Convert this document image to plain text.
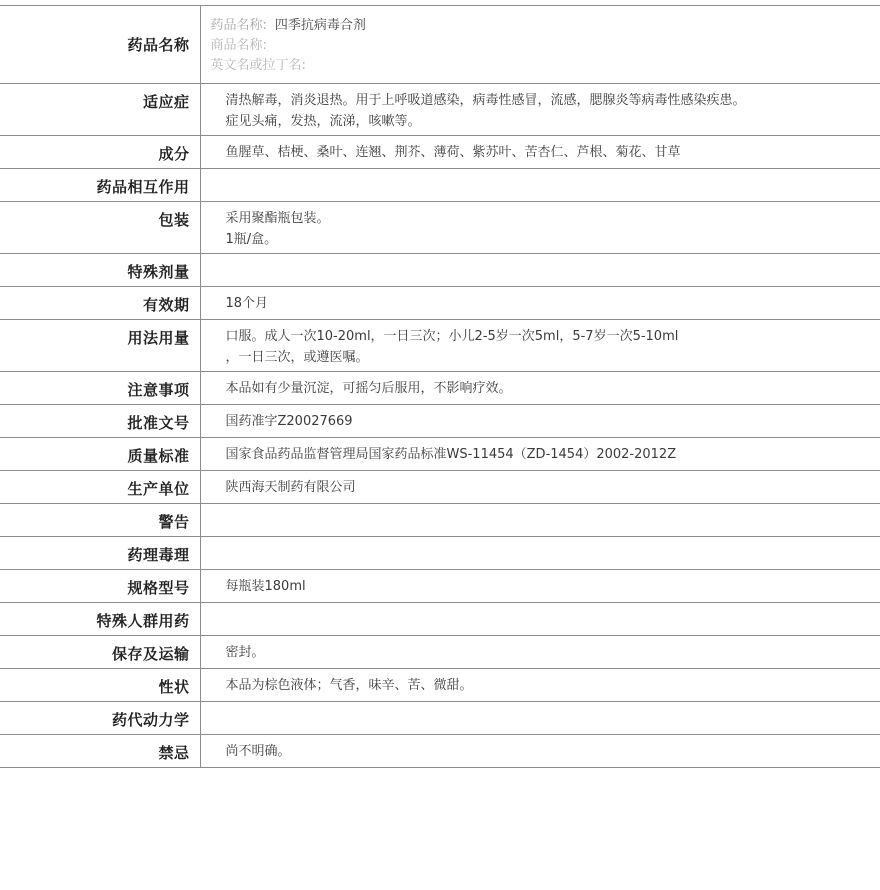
药品名称	药品名称: 四季抗病毒合剂
商品名称:
英文名或拉丁名:

适应症	清热解毒，消炎退热。用于上呼吸道感染，病毒性感冒，流感，腮腺炎等病毒性感染疾患。
症见头痛，发热，流涕，咳嗽等。

成分	鱼腥草、桔梗、桑叶、连翘、荆芥、薄荷、紫苏叶、苦杏仁、芦根、菊花、甘草

药品相互作用	

包装	采用聚酯瓶包装。
1瓶/盒。

特殊剂量	

有效期	18个月

用法用量	口服。成人一次10-20ml，一日三次；小儿2-5岁一次5ml，5-7岁一次5-10ml
，一日三次，或遵医嘱。

注意事项	本品如有少量沉淀，可摇匀后服用，不影响疗效。

批准文号	国药准字Z20027669

质量标准	国家食品药品监督管理局国家药品标准WS-11454（ZD-1454）2002-2012Z

生产单位	陕西海天制药有限公司

警告	

药理毒理	

规格型号	每瓶装180ml

特殊人群用药	

保存及运输	密封。

性状	本品为棕色液体；气香，味辛、苦、微甜。

药代动力学	

禁忌	尚不明确。
